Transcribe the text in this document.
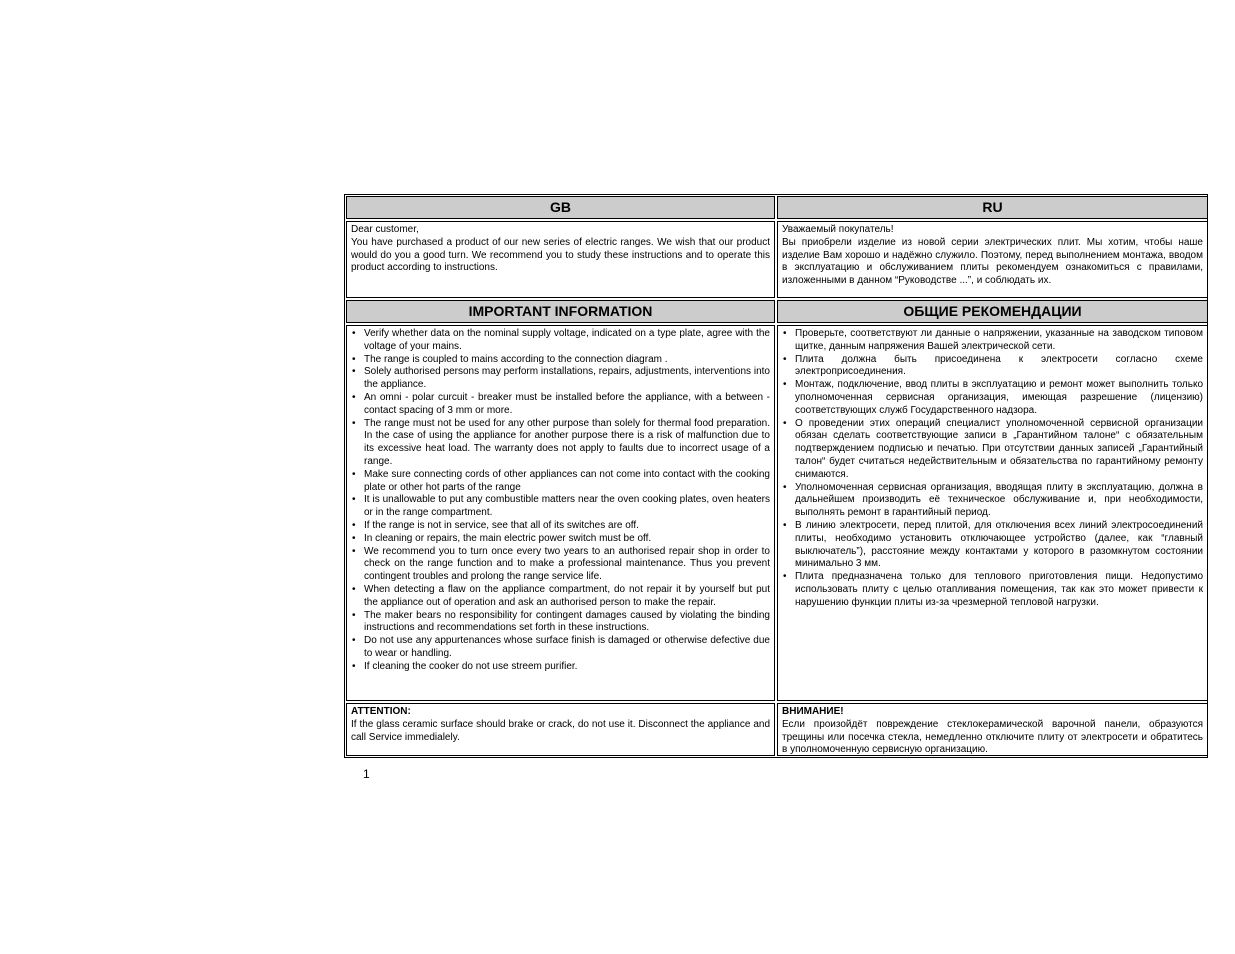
GB	RU

Dear customer,

You have purchased a product of our new series of electric ranges. We wish that our product would do you a good turn. We recommend you to study these instructions and to operate this product according to instructions.

Уважаемый покупатель!

Вы приобрели изделие из новой серии электрических плит. Мы хотим, чтобы наше изделие Вам хорошо и надёжно служило. Поэтому, перед выполнением монтажа, вводом в эксплуатацию и обслуживанием плиты рекомендуем ознакомиться с правилами, изложенными в данном “Руководстве ...”, и соблюдать их.

IMPORTANT INFORMATION	ОБЩИЕ РЕКОМЕНДАЦИИ
• Verify whether data on the nominal supply voltage, indicated on a type plate, agree with the voltage of your mains.
• The range is coupled to mains according to the connection diagram .
• Solely authorised persons may perform installations, repairs, adjustments, interventions into the appliance.
• An omni - polar curcuit - breaker must be installed before the appliance, with a between - contact spacing of 3 mm or more.
• The range must not be used for any other purpose than solely for thermal food preparation. In the case of using the appliance for another purpose there is a risk of malfunction due to its excessive heat load. The warranty does not apply to faults due to incorrect usage of a range.
• Make sure connecting cords of other appliances can not come into contact with the cooking plate or other hot parts of the range
• It is unallowable to put any combustible matters near the oven cooking plates, oven heaters or in the range compartment.
• If the range is not in service, see that all of its switches are off.
• In cleaning or repairs, the main electric power switch must be off.
• We recommend you to turn once every two years to an authorised repair shop in order to check on the range function and to make a professional maintenance. Thus you prevent contingent troubles and prolong the range service life.
• When detecting a flaw on the appliance compartment, do not repair it by yourself but put the appliance out of operation and ask an authorised person to make the repair.
• The maker bears no responsibility for contingent damages caused by violating the binding instructions and recommendations set forth in these instructions.
• Do not use any appurtenances whose surface finish is damaged or otherwise defective due to wear or handling.
• If cleaning the cooker do not use streem purifier.
• Проверьте, соответствуют ли данные о напряжении, указанные на заводском типовом щитке, данным напряжения Вашей электрической сети.
• Плита должна быть присоединена к электросети согласно схеме электроприсоединения.
• Монтаж, подключение, ввод плиты в эксплуатацию и ремонт может выполнить только уполномоченная сервисная организация, имеющая разрешение (лицензию) соответствующих служб Государственного надзора.
• О проведении этих операций специалист уполномоченной сервисной организации обязан сделать соответствующие записи в „Гарантийном талоне“ с обязательным подтверждением подписью и печатью. При отсутствии данных записей „Гарантийный талон“ будет считаться недействительным и обязательства по гарантийному ремонту снимаются.
• Уполномоченная сервисная организация, вводящая плиту в эксплуатацию, должна в дальнейшем производить её техническое обслуживание и, при необходимости, выполнять ремонт в гарантийный период.
• В линию электросети, перед плитой, для отключения всех линий электросоединений плиты, необходимо установить отключающее устройство (далее, как “главный выключатель”), расстояние между контактами у которого в разомкнутом состоянии минимально 3 мм.
• Плита предназначена только для теплового приготовления пищи. Недопустимо использовать плиту с целью отапливания помещения, так как это может привести к нарушению функции плиты из-за чрезмерной тепловой нагрузки.
ATTENTION:
If the glass ceramic surface should brake or crack, do not use it. Disconnect the appliance and call Service immedialely.
ВНИМАНИЕ!
Если произойдёт повреждение стеклокерамической варочной панели, образуются трещины или посечка стекла, немедленно отключите плиту от электросети и обратитесь в уполномоченную сервисную организацию.
1
